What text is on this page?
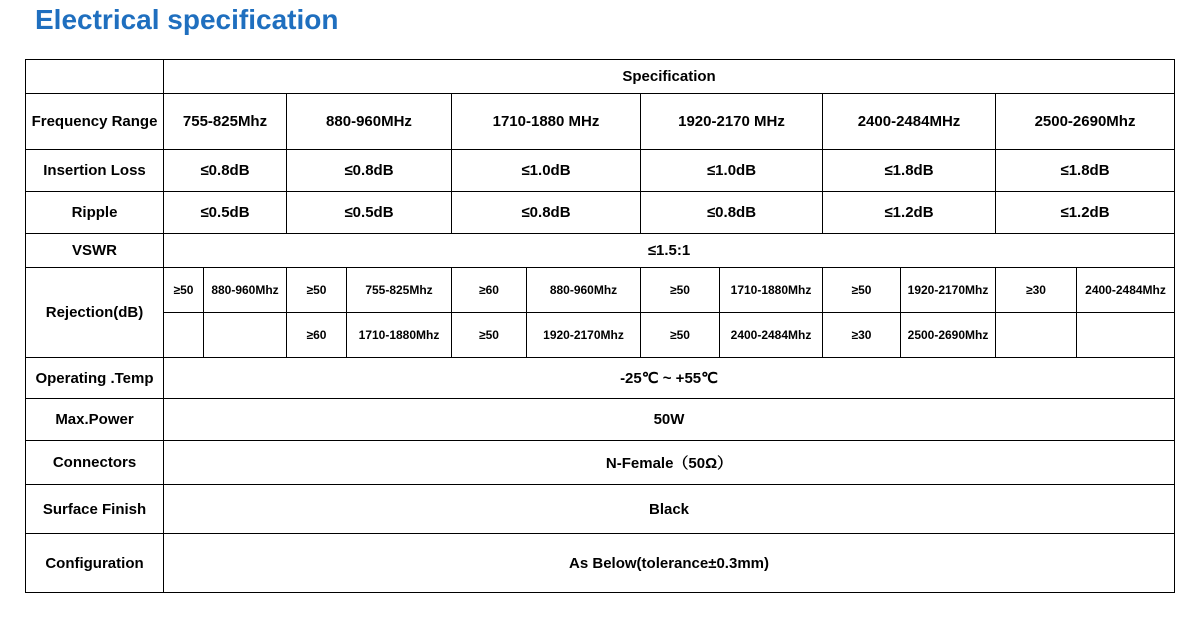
Electrical specification
	Specification											
Frequency Range	755-825Mhz		880-960MHz		1710-1880 MHz		1920-2170 MHz		2400-2484MHz		2500-2690Mhz	
Insertion Loss	≤0.8dB		≤0.8dB		≤1.0dB		≤1.0dB		≤1.8dB		≤1.8dB	
Ripple	≤0.5dB		≤0.5dB		≤0.8dB		≤0.8dB		≤1.2dB		≤1.2dB	
VSWR	≤1.5:1											
Rejection(dB)	≥50	880-960Mhz	≥50	755-825Mhz	≥60	880-960Mhz	≥50	1710-1880Mhz	≥50	1920-2170Mhz	≥30	2400-2484Mhz
			≥60	1710-1880Mhz	≥50	1920-2170Mhz	≥50	2400-2484Mhz	≥30	2500-2690Mhz		
Operating .Temp	-25℃ ~ +55℃											
Max.Power	50W											
Connectors	N-Female（50Ω）											
Surface Finish	Black											
Configuration	As Below(tolerance±0.3mm)											
